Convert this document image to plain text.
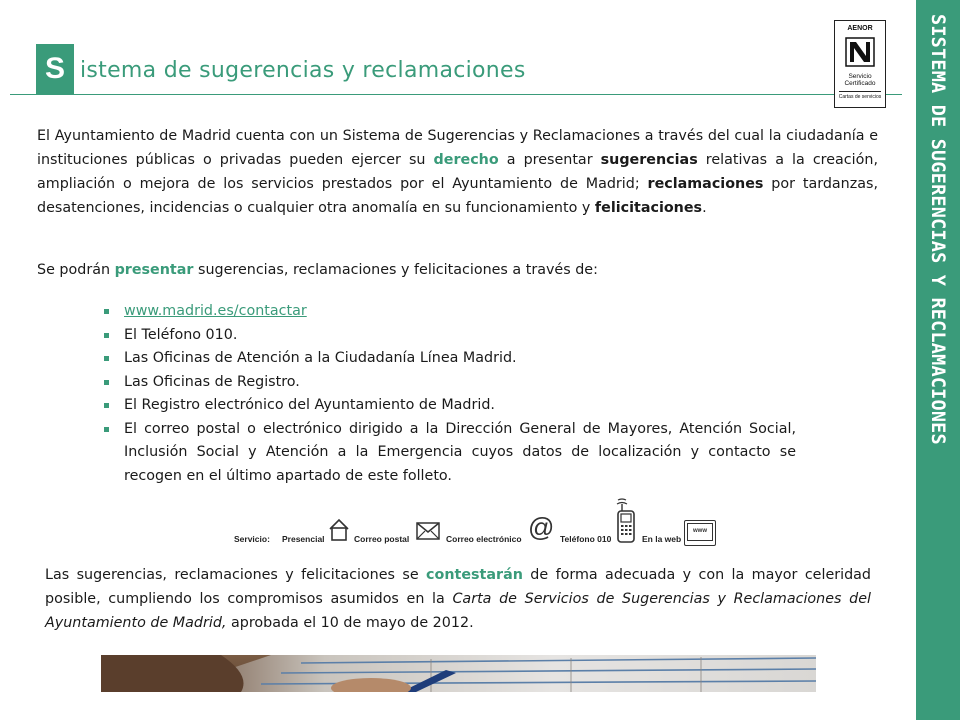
S istema de sugerencias y reclamaciones
AENOR
Servicio
Certificado
Cartas de servicios SISTEMA DE SUGERENCIAS Y RECLAMACIONES

El Ayuntamiento de Madrid cuenta con un Sistema de Sugerencias y Reclamaciones a través del cual la ciudadanía e instituciones públicas o privadas pueden ejercer su derecho a presentar sugerencias relativas a la creación, ampliación o mejora de los servicios prestados por el Ayuntamiento de Madrid; reclamaciones por tardanzas, desatenciones, incidencias o cualquier otra anomalía en su funcionamiento y felicitaciones.

Se podrán presentar sugerencias, reclamaciones y felicitaciones a través de:

www.madrid.es/contactar
El Teléfono 010.
Las Oficinas de Atención a la Ciudadanía Línea Madrid.
Las Oficinas de Registro.
El Registro electrónico del Ayuntamiento de Madrid.
El correo postal o electrónico dirigido a la Dirección General de Mayores, Atención Social, Inclusión Social y Atención a la Emergencia cuyos datos de localización y contacto se recogen en el último apartado de este folleto.
Servicio: Presencial	Correo postal	Correo electrónico @ Teléfono 010	En la web
www

Las sugerencias, reclamaciones y felicitaciones se contestarán de forma adecuada y con la mayor celeridad posible, cumpliendo los compromisos asumidos en la Carta de Servicios de Sugerencias y Reclamaciones del Ayuntamiento de Madrid, aprobada el 10 de mayo de 2012.
